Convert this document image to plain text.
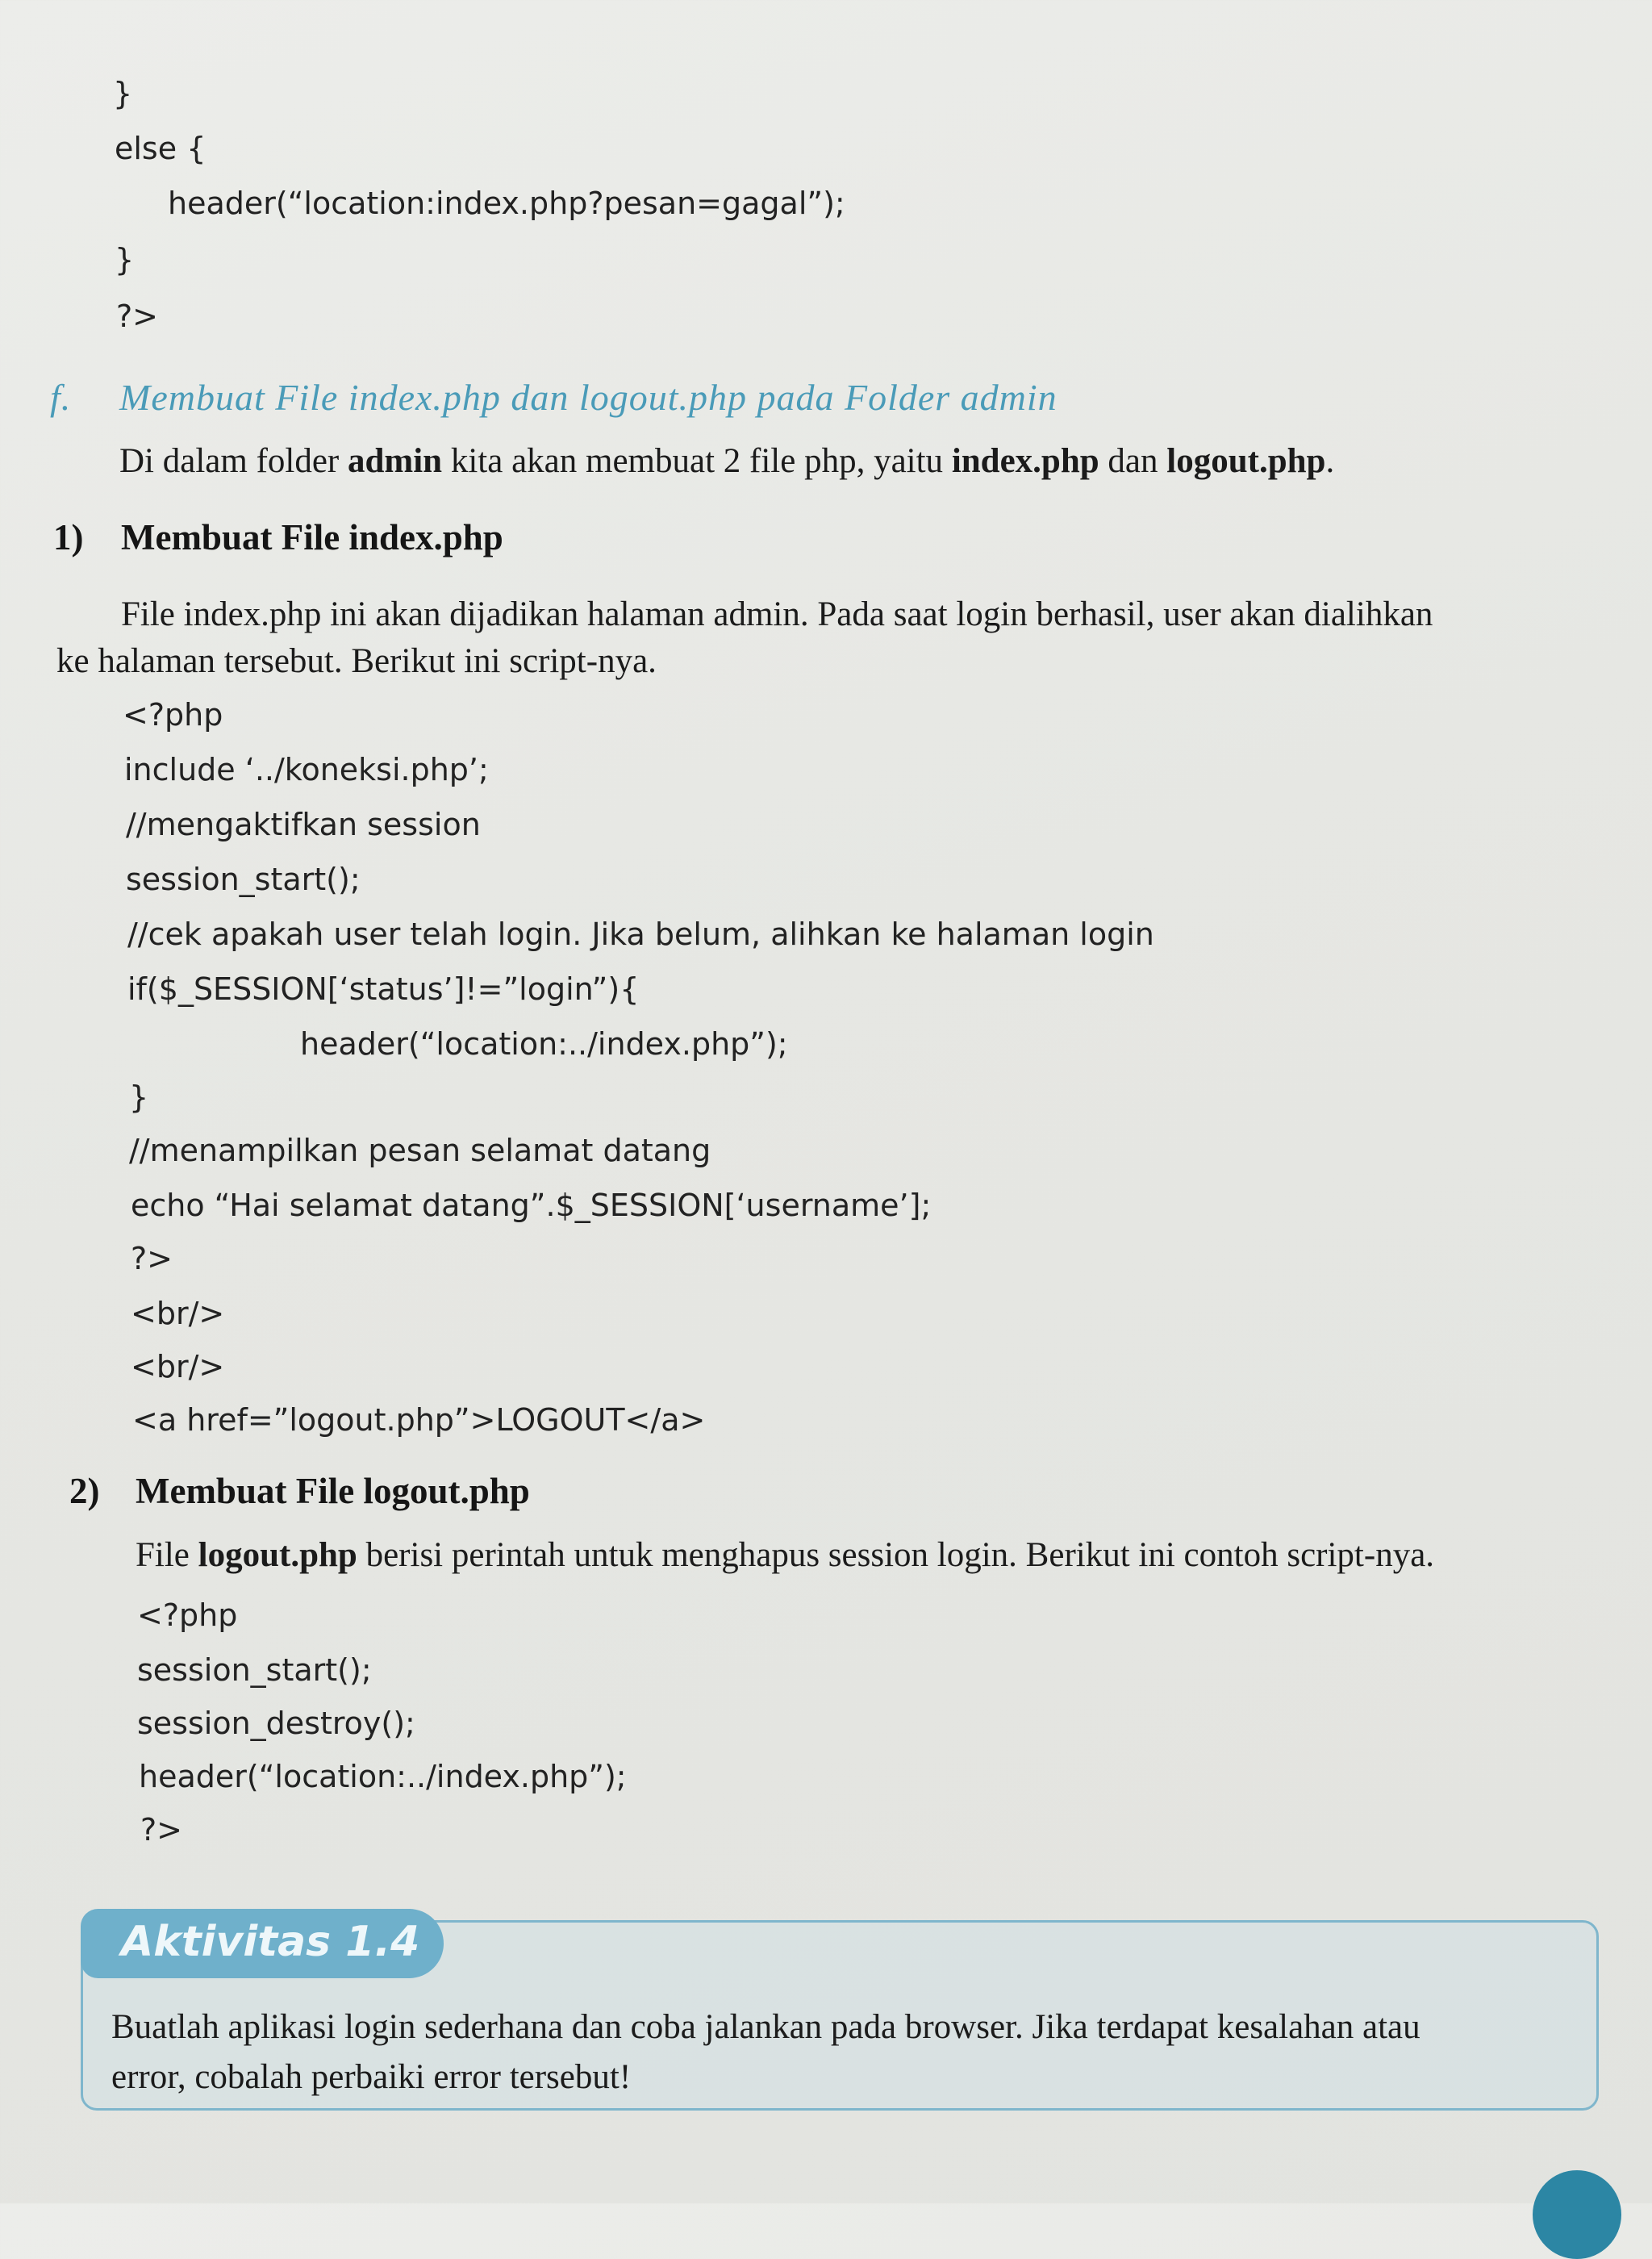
}
else {
header(“location:index.php?pesan=gagal”);
}
?>
f. Membuat File index.php dan logout.php pada Folder admin
Di dalam folder admin kita akan membuat 2 file php, yaitu index.php dan logout.php.
1) Membuat File index.php
File index.php ini akan dijadikan halaman admin. Pada saat login berhasil, user akan dialihkan
ke halaman tersebut. Berikut ini script-nya.
<?php
include ‘../koneksi.php’;
//mengaktifkan session
session_start();
//cek apakah user telah login. Jika belum, alihkan ke halaman login
if($_SESSION[‘status’]!=”login”){
header(“location:../index.php”);
}
//menampilkan pesan selamat datang
echo “Hai selamat datang”.$_SESSION[‘username’];
?>
<br/>
<br/>
<a href=”logout.php”>LOGOUT</a>
2) Membuat File logout.php
File logout.php berisi perintah untuk menghapus session login. Berikut ini contoh script-nya.
<?php
session_start();
session_destroy();
header(“location:../index.php”);
?>
Aktivitas 1.4
Buatlah aplikasi login sederhana dan coba jalankan pada browser. Jika terdapat kesalahan atau
error, cobalah perbaiki error tersebut!
